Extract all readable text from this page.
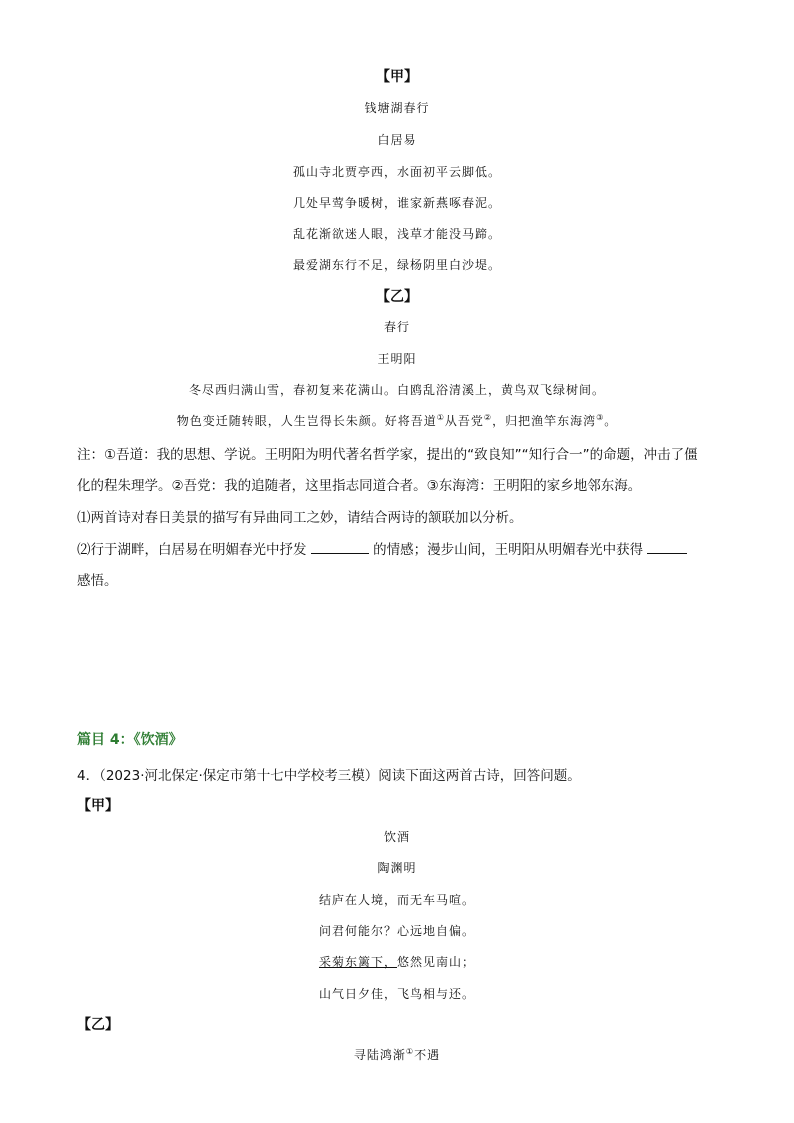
【甲】
钱塘湖春行
白居易
孤山寺北贾亭西，水面初平云脚低。
几处早莺争暖树，谁家新燕啄春泥。
乱花渐欲迷人眼，浅草才能没马蹄。
最爱湖东行不足，绿杨阴里白沙堤。
【乙】
春行
王明阳
冬尽西归满山雪，春初复来花满山。白鸥乱浴清溪上，黄鸟双飞绿树间。
物色变迁随转眼，人生岂得长朱颜。好将吾道①从吾党②，归把渔竿东海湾③。
注：①吾道：我的思想、学说。王明阳为明代著名哲学家，提出的“致良知”“知行合一”的命题，冲击了僵
化的程朱理学。②吾党：我的追随者，这里指志同道合者。③东海湾：王明阳的家乡地邻东海。
⑴两首诗对春日美景的描写有异曲同工之妙，请结合两诗的颔联加以分析。
⑵行于湖畔，白居易在明媚春光中抒发	的情感；漫步山间，王明阳从明媚春光中获得
感悟。
篇目 4：《饮酒》
4．（2023·河北保定·保定市第十七中学校考三模）阅读下面这两首古诗，回答问题。
【甲】
饮酒
陶渊明
结庐在人境，而无车马喧。
问君何能尔？心远地自偏。
采菊东篱下，悠然见南山；
山气日夕佳，飞鸟相与还。
【乙】
寻陆鸿渐①不遇
